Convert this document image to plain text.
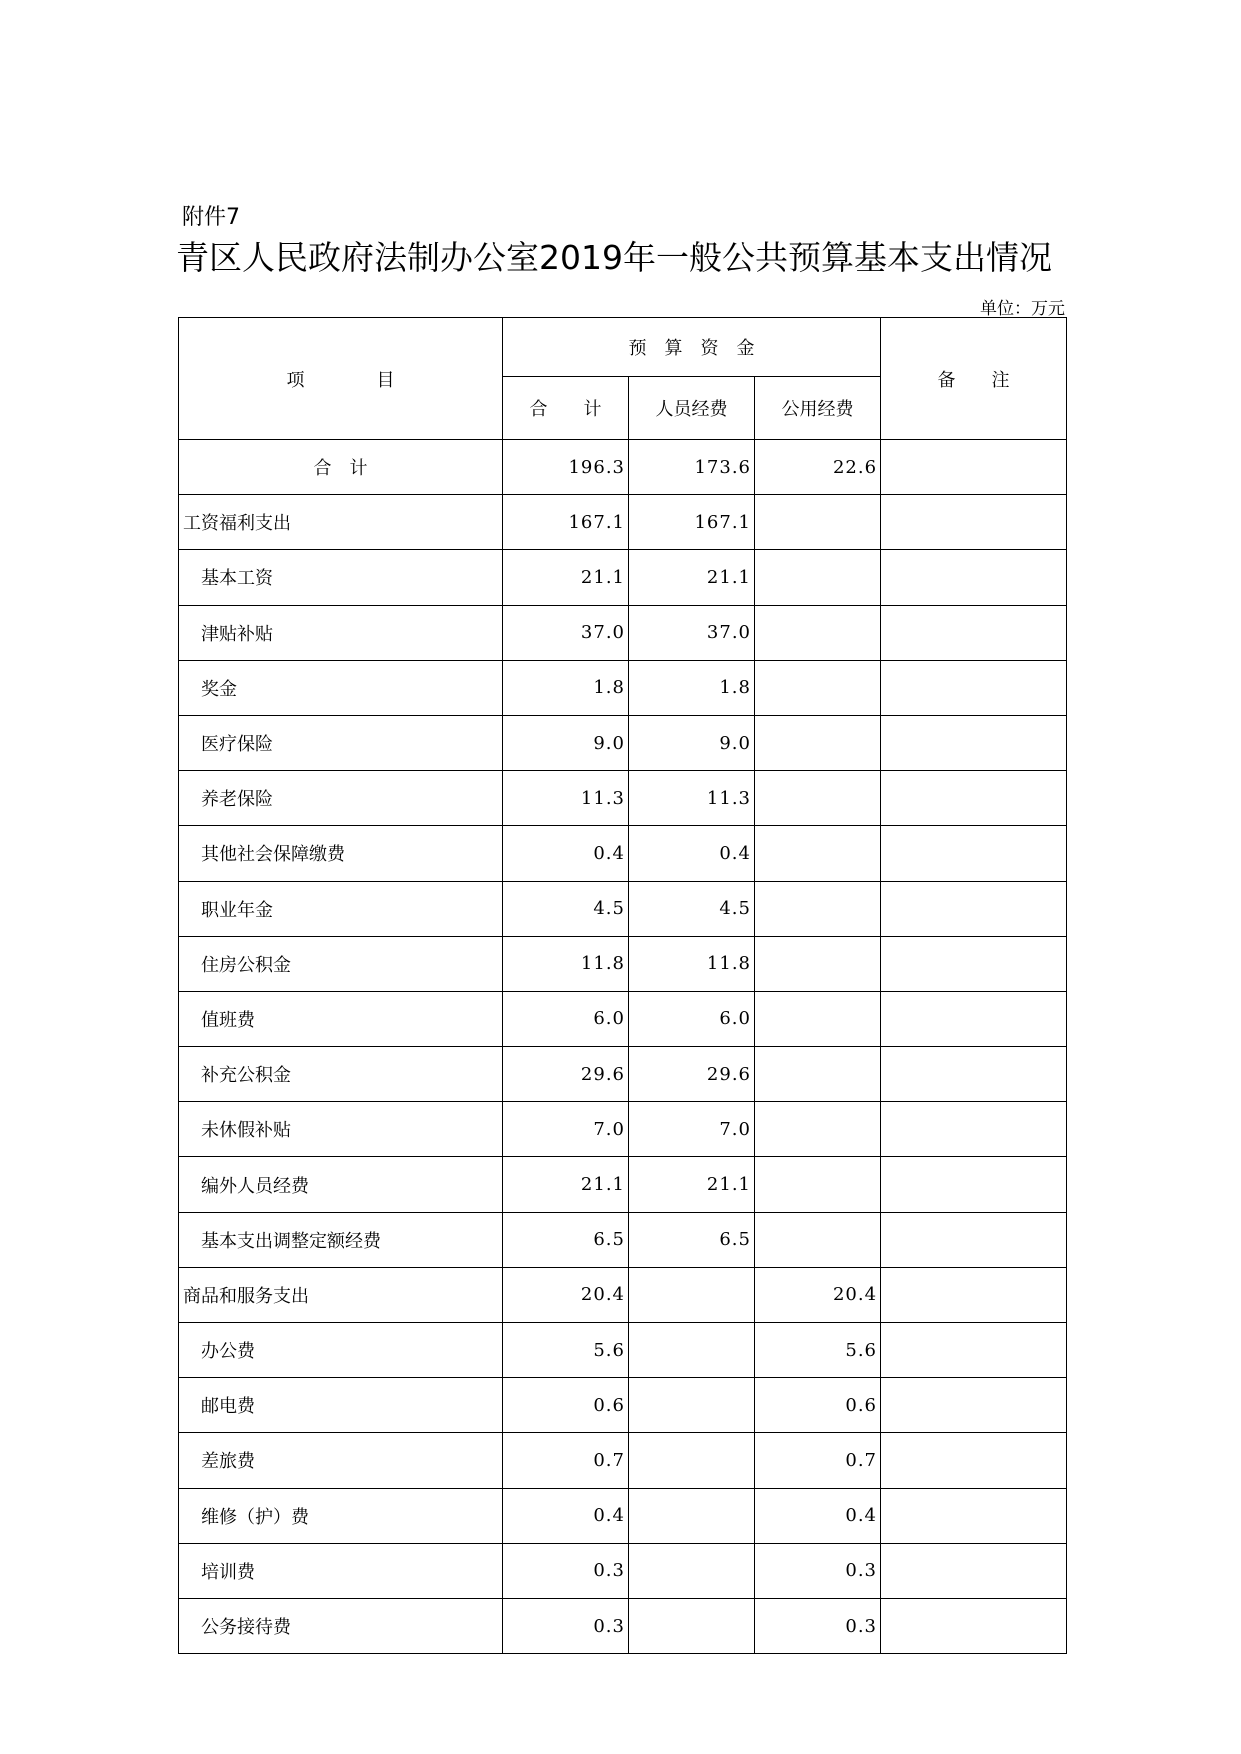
附件7
青区人民政府法制办公室2019年一般公共预算基本支出情况
单位：万元
项　　　　目	预　算　资　金			备　　注
	合　　计	人员经费	公用经费	
合　计	196.3	173.6	22.6	
工资福利支出	167.1	167.1		
基本工资	21.1	21.1		
津贴补贴	37.0	37.0		
奖金	1.8	1.8		
医疗保险	9.0	9.0		
养老保险	11.3	11.3		
其他社会保障缴费	0.4	0.4		
职业年金	4.5	4.5		
住房公积金	11.8	11.8		
值班费	6.0	6.0		
补充公积金	29.6	29.6		
未休假补贴	7.0	7.0		
编外人员经费	21.1	21.1		
基本支出调整定额经费	6.5	6.5		
商品和服务支出	20.4		20.4	
办公费	5.6		5.6	
邮电费	0.6		0.6	
差旅费	0.7		0.7	
维修（护）费	0.4		0.4	
培训费	0.3		0.3	
公务接待费	0.3		0.3	
